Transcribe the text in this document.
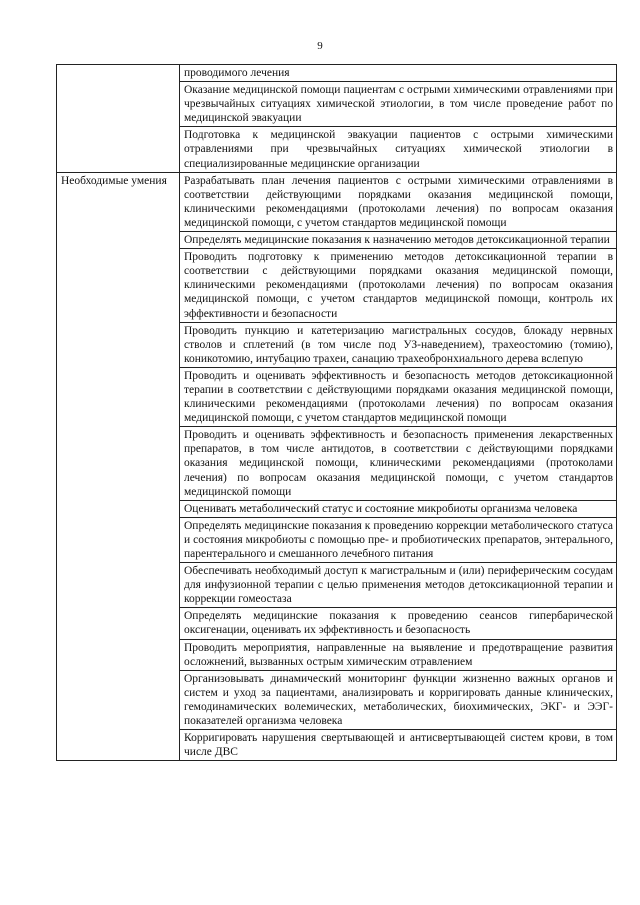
9

	проводимого лечения

	Оказание медицинской помощи пациентам с острыми химическими отравлениями при чрезвычайных ситуациях химической этиологии, в том числе проведение работ по медицинской эвакуации

	Подготовка к медицинской эвакуации пациентов с острыми химическими отравлениями при чрезвычайных ситуациях химической этиологии в специализированные медицинские организации

Необходимые умения	Разрабатывать план лечения пациентов с острыми химическими отравлениями в соответствии действующими порядками оказания медицинской помощи, клиническими рекомендациями (протоколами лечения) по вопросам оказания медицинской помощи, с учетом стандартов медицинской помощи

	Определять медицинские показания к назначению методов детоксикационной терапии

	Проводить подготовку к применению методов детоксикационной терапии в соответствии с действующими порядками оказания медицинской помощи, клиническими рекомендациями (протоколами лечения) по вопросам оказания медицинской помощи, с учетом стандартов медицинской помощи, контроль их эффективности и безопасности

	Проводить пункцию и катетеризацию магистральных сосудов, блокаду нервных стволов и сплетений (в том числе под УЗ-наведением), трахеостомию (томию), коникотомию, интубацию трахеи, санацию трахеобронхиального дерева вслепую

	Проводить и оценивать эффективность и безопасность методов детоксикационной терапии в соответствии с действующими порядками оказания медицинской помощи, клиническими рекомендациями (протоколами лечения) по вопросам оказания медицинской помощи, с учетом стандартов медицинской помощи

	Проводить и оценивать эффективность и безопасность применения лекарственных препаратов, в том числе антидотов, в соответствии с действующими порядками оказания медицинской помощи, клиническими рекомендациями (протоколами лечения) по вопросам оказания медицинской помощи, с учетом стандартов медицинской помощи

	Оценивать метаболический статус и состояние микробиоты организма человека

	Определять медицинские показания к проведению коррекции метаболического статуса и состояния микробиоты с помощью пре- и пробиотических препаратов, энтерального, парентерального и смешанного лечебного питания

	Обеспечивать необходимый доступ к магистральным и (или) периферическим сосудам для инфузионной терапии с целью применения методов детоксикационной терапии и коррекции гомеостаза

	Определять медицинские показания к проведению сеансов гипербарической оксигенации, оценивать их эффективность и безопасность

	Проводить мероприятия, направленные на выявление и предотвращение развития осложнений, вызванных острым химическим отравлением

	Организовывать динамический мониторинг функции жизненно важных органов и систем и уход за пациентами, анализировать и корригировать данные клинических, гемодинамических волемических, метаболических, биохимических, ЭКГ- и ЭЭГ-показателей организма человека

	Корригировать нарушения свертывающей и антисвертывающей систем крови, в том числе ДВС
